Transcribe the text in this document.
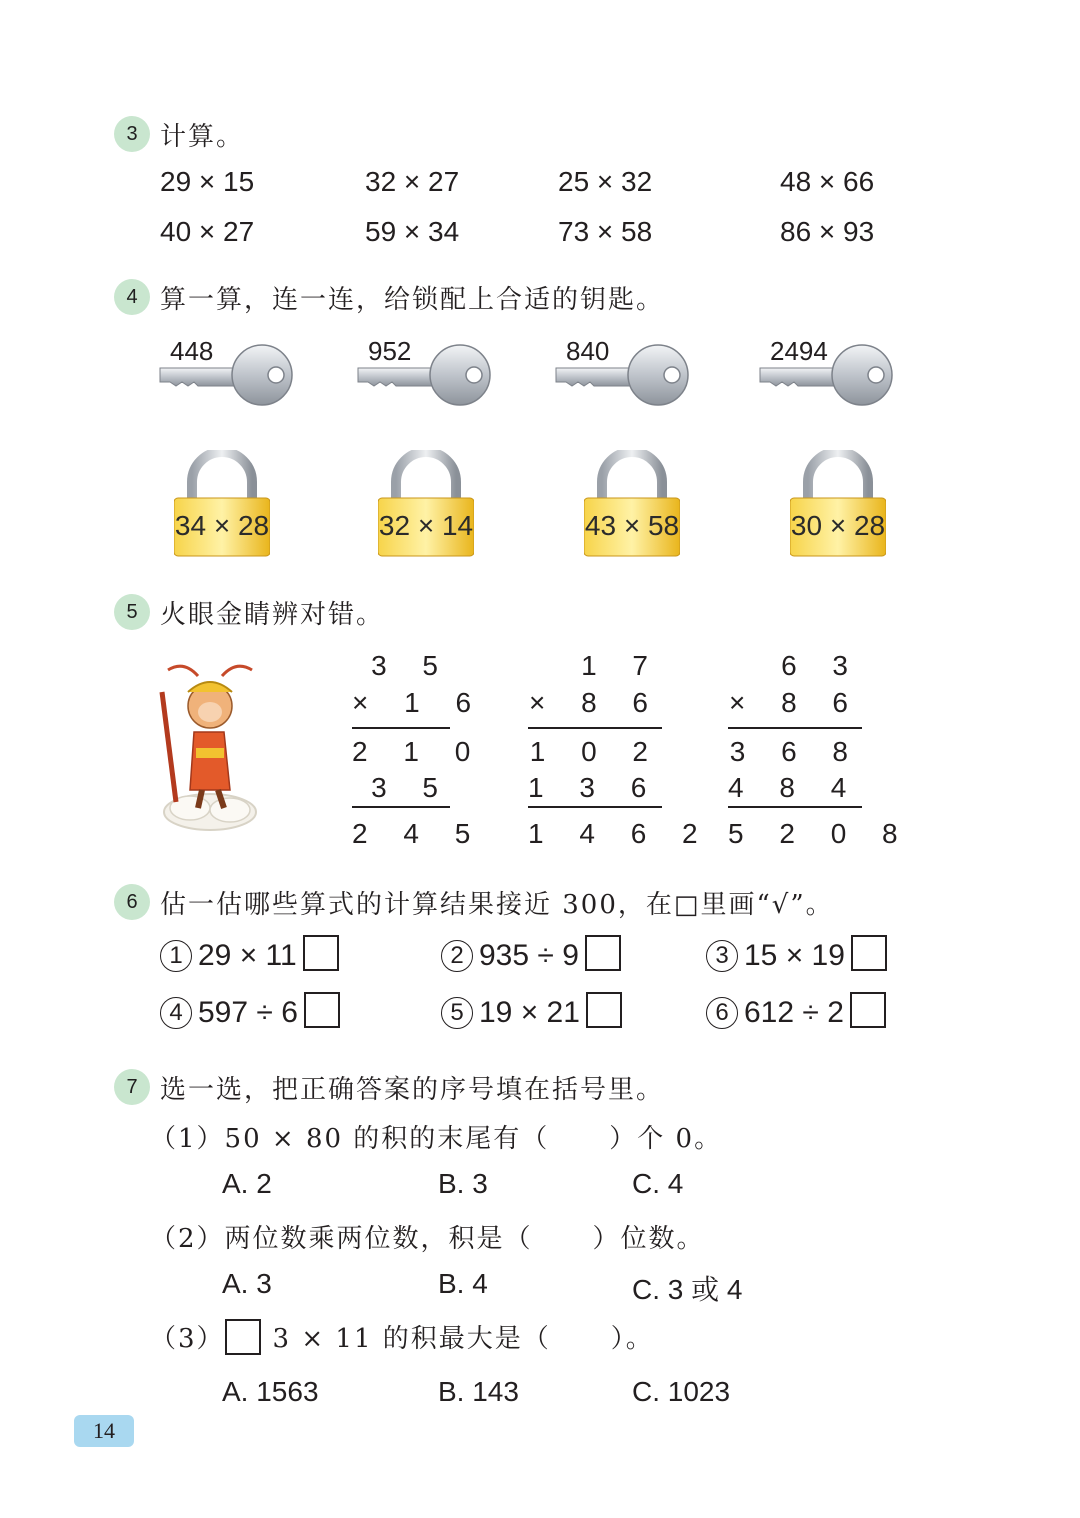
3 计算。
29 × 15	32 × 27	25 × 32	48 × 66
40 × 27	59 × 34	73 × 58	86 × 93
4 算一算，连一连，给锁配上合适的钥匙。
448	952	840	2494
34 × 28	32 × 14	43 × 58	30 × 28
5 火眼金睛辨对错。
3 5
× 1 6
2 1 0
3 5
2 4 5
1 7
× 8 6
1 0 2
1 3 6
1 4 6 2
6 3
× 8 6
3 6 8
4 8 4
5 2 0 8
6 估一估哪些算式的计算结果接近 300，在□里画“√”。
1 29 × 11	2 935 ÷ 9	3 15 × 19
4 597 ÷ 6	5 19 × 21	6 612 ÷ 2
7 选一选，把正确答案的序号填在括号里。
（1）50 × 80 的积的末尾有（ ）个 0。
A. 2	B. 3	C. 4
（2）两位数乘两位数，积是（ ）位数。
A. 3	B. 4	C. 3 或 4
（3） 3 × 11 的积最大是（ ）。
A. 1563	B. 143	C. 1023
14
